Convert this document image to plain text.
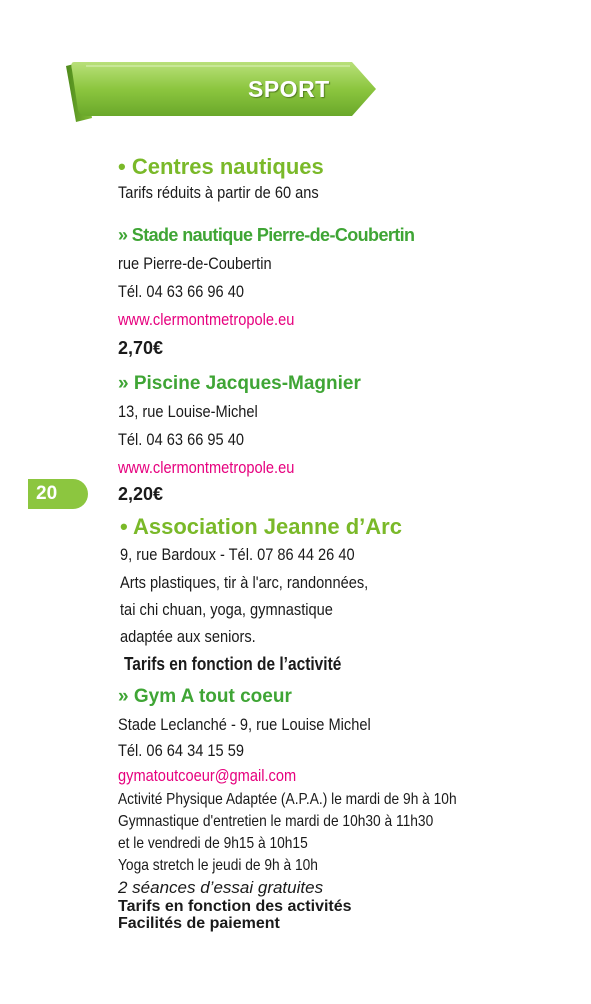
SPORT
20
• Centres nautiques
Tarifs réduits à partir de 60 ans
» Stade nautique Pierre-de-Coubertin
rue Pierre-de-Coubertin
Tél. 04 63 66 96 40
www.clermontmetropole.eu
2,70€
» Piscine Jacques-Magnier
13, rue Louise-Michel
Tél. 04 63 66 95 40
www.clermontmetropole.eu
2,20€
• Association Jeanne d’Arc
9, rue Bardoux - Tél. 07 86 44 26 40
Arts plastiques, tir à l'arc, randonnées,
tai chi chuan, yoga, gymnastique
adaptée aux seniors.
Tarifs en fonction de l’activité
» Gym A tout coeur
Stade Leclanché - 9, rue Louise Michel
Tél. 06 64 34 15 59
gymatoutcoeur@gmail.com
Activité Physique Adaptée (A.P.A.) le mardi de 9h à 10h
Gymnastique d'entretien le mardi de 10h30 à 11h30
et le vendredi de 9h15 à 10h15
Yoga stretch le jeudi de 9h à 10h
2 séances d’essai gratuites
Tarifs en fonction des activités
Facilités de paiement
